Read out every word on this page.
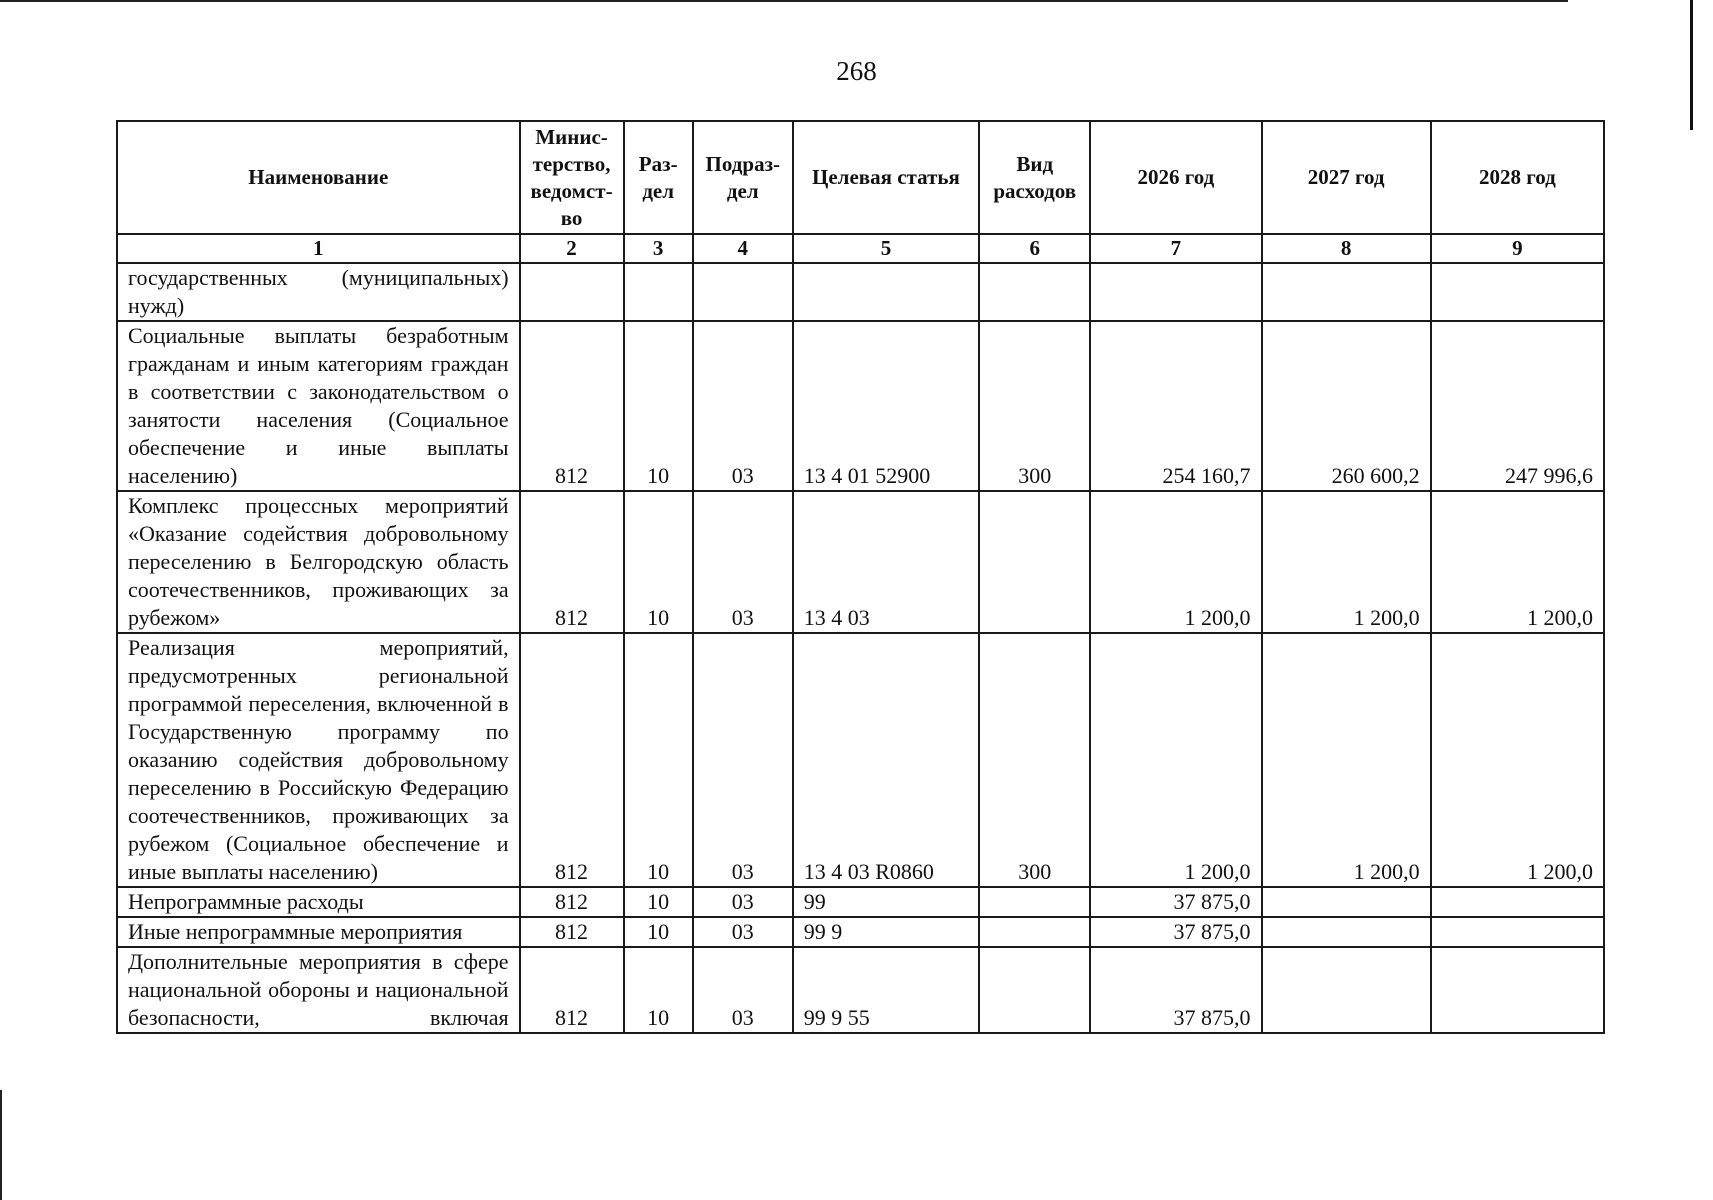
268
Наименование	Минис-терство, ведомст-во	Раз-дел	Подраз-дел	Целевая статья	Вид расходов	2026 год	2027 год	2028 год
1	2	3	4	5	6	7	8	9
государственных (муниципальных) нужд)								
Социальные выплаты безработным гражданам и иным категориям граждан в соответствии с законодательством о занятости населения (Социальное обеспечение и иные выплаты населению)	812	10	03	13 4 01 52900	300	254 160,7	260 600,2	247 996,6
Комплекс процессных мероприятий «Оказание содействия добровольному переселению в Белгородскую область соотечественников, проживающих за рубежом»	812	10	03	13 4 03		1 200,0	1 200,0	1 200,0
Реализация мероприятий, предусмотренных региональной программой переселения, включенной в Государственную программу по оказанию содействия добровольному переселению в Российскую Федерацию соотечественников, проживающих за рубежом (Социальное обеспечение и иные выплаты населению)	812	10	03	13 4 03 R0860	300	1 200,0	1 200,0	1 200,0
Непрограммные расходы	812	10	03	99		37 875,0		
Иные непрограммные мероприятия	812	10	03	99 9		37 875,0		
Дополнительные мероприятия в сфере национальной обороны и национальной безопасности, включая	812	10	03	99 9 55		37 875,0		
